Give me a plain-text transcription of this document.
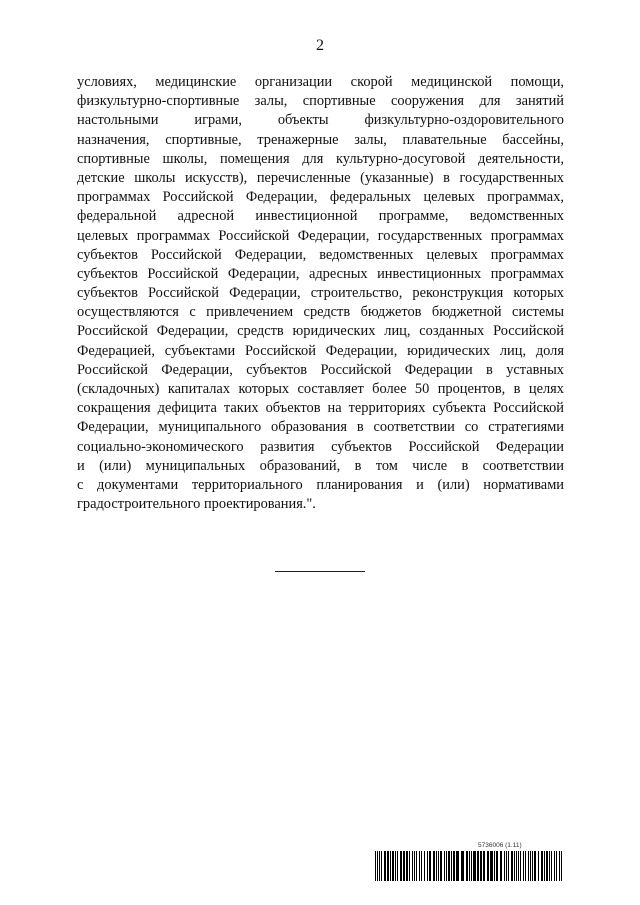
2
условиях, медицинские организации скорой медицинской помощи,
физкультурно-спортивные залы, спортивные сооружения для занятий
настольными играми, объекты физкультурно-оздоровительного
назначения, спортивные, тренажерные залы, плавательные бассейны,
спортивные школы, помещения для культурно-досуговой деятельности,
детские школы искусств), перечисленные (указанные) в государственных
программах Российской Федерации, федеральных целевых программах,
федеральной адресной инвестиционной программе, ведомственных
целевых программах Российской Федерации, государственных программах
субъектов Российской Федерации, ведомственных целевых программах
субъектов Российской Федерации, адресных инвестиционных программах
субъектов Российской Федерации, строительство, реконструкция которых
осуществляются с привлечением средств бюджетов бюджетной системы
Российской Федерации, средств юридических лиц, созданных Российской
Федерацией, субъектами Российской Федерации, юридических лиц, доля
Российской Федерации, субъектов Российской Федерации в уставных
(складочных) капиталах которых составляет более 50 процентов, в целях
сокращения дефицита таких объектов на территориях субъекта Российской
Федерации, муниципального образования в соответствии со стратегиями
социально-экономического развития субъектов Российской Федерации
и (или) муниципальных образований, в том числе в соответствии
с документами территориального планирования и (или) нормативами
градостроительного проектирования.".
5736006 (1.11)
